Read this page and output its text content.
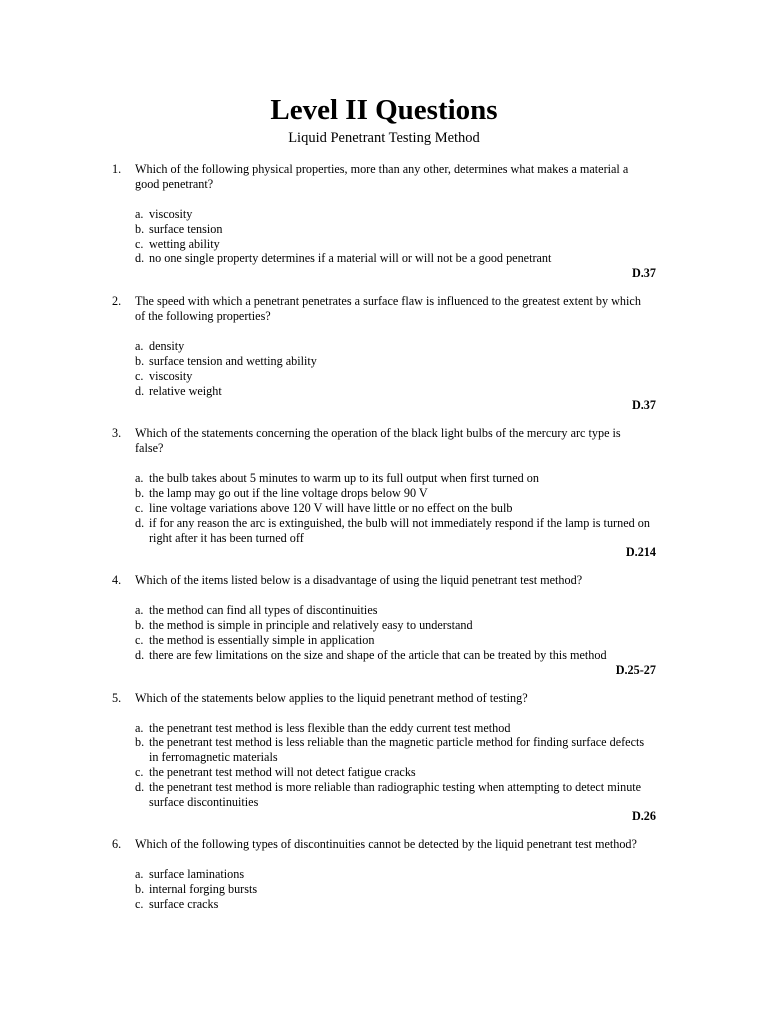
Level II Questions

Liquid Penetrant Testing Method

1.	Which of the following physical properties, more than any other, determines what makes a material a good penetrant?
a. viscosity
b. surface tension
c. wetting ability
d. no one single property determines if a material will or will not be a good penetrant
D.37
2.	The speed with which a penetrant penetrates a surface flaw is influenced to the greatest extent by which of the following properties?
a. density
b. surface tension and wetting ability
c. viscosity
d. relative weight
D.37
3.	Which of the statements concerning the operation of the black light bulbs of the mercury arc type is false?
a. the bulb takes about 5 minutes to warm up to its full output when first turned on
b. the lamp may go out if the line voltage drops below 90 V
c. line voltage variations above 120 V will have little or no effect on the bulb
d. if for any reason the arc is extinguished, the bulb will not immediately respond if the lamp is turned on right after it has been turned off
D.214
4.	Which of the items listed below is a disadvantage of using the liquid penetrant test method?
a. the method can find all types of discontinuities
b. the method is simple in principle and relatively easy to understand
c. the method is essentially simple in application
d. there are few limitations on the size and shape of the article that can be treated by this method
D.25-27
5.	Which of the statements below applies to the liquid penetrant method of testing?
a. the penetrant test method is less flexible than the eddy current test method
b. the penetrant test method is less reliable than the magnetic particle method for finding surface defects in ferromagnetic materials
c. the penetrant test method will not detect fatigue cracks
d. the penetrant test method is more reliable than radiographic testing when attempting to detect minute surface discontinuities
D.26
6.	Which of the following types of discontinuities cannot be detected by the liquid penetrant test method?
a. surface laminations
b. internal forging bursts
c. surface cracks
